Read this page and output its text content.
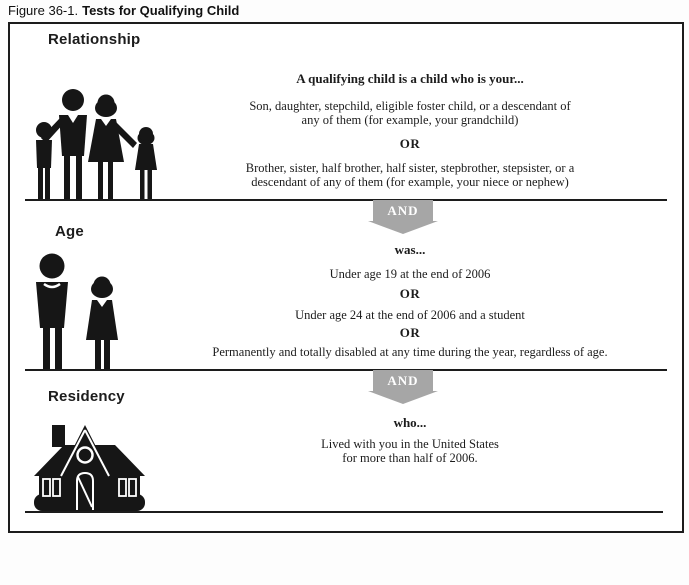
Figure 36-1. Tests for Qualifying Child
Relationship
A qualifying child is a child who is your...
Son, daughter, stepchild, eligible foster child, or a descendant of
any of them (for example, your grandchild)
OR
Brother, sister, half brother, half sister, stepbrother, stepsister, or a
descendant of any of them (for example, your niece or nephew)
AND
Age
was...
Under age 19 at the end of 2006
OR
Under age 24 at the end of 2006 and a student
OR
Permanently and totally disabled at any time during the year, regardless of age.
AND
Residency
who...
Lived with you in the United States
for more than half of 2006.
